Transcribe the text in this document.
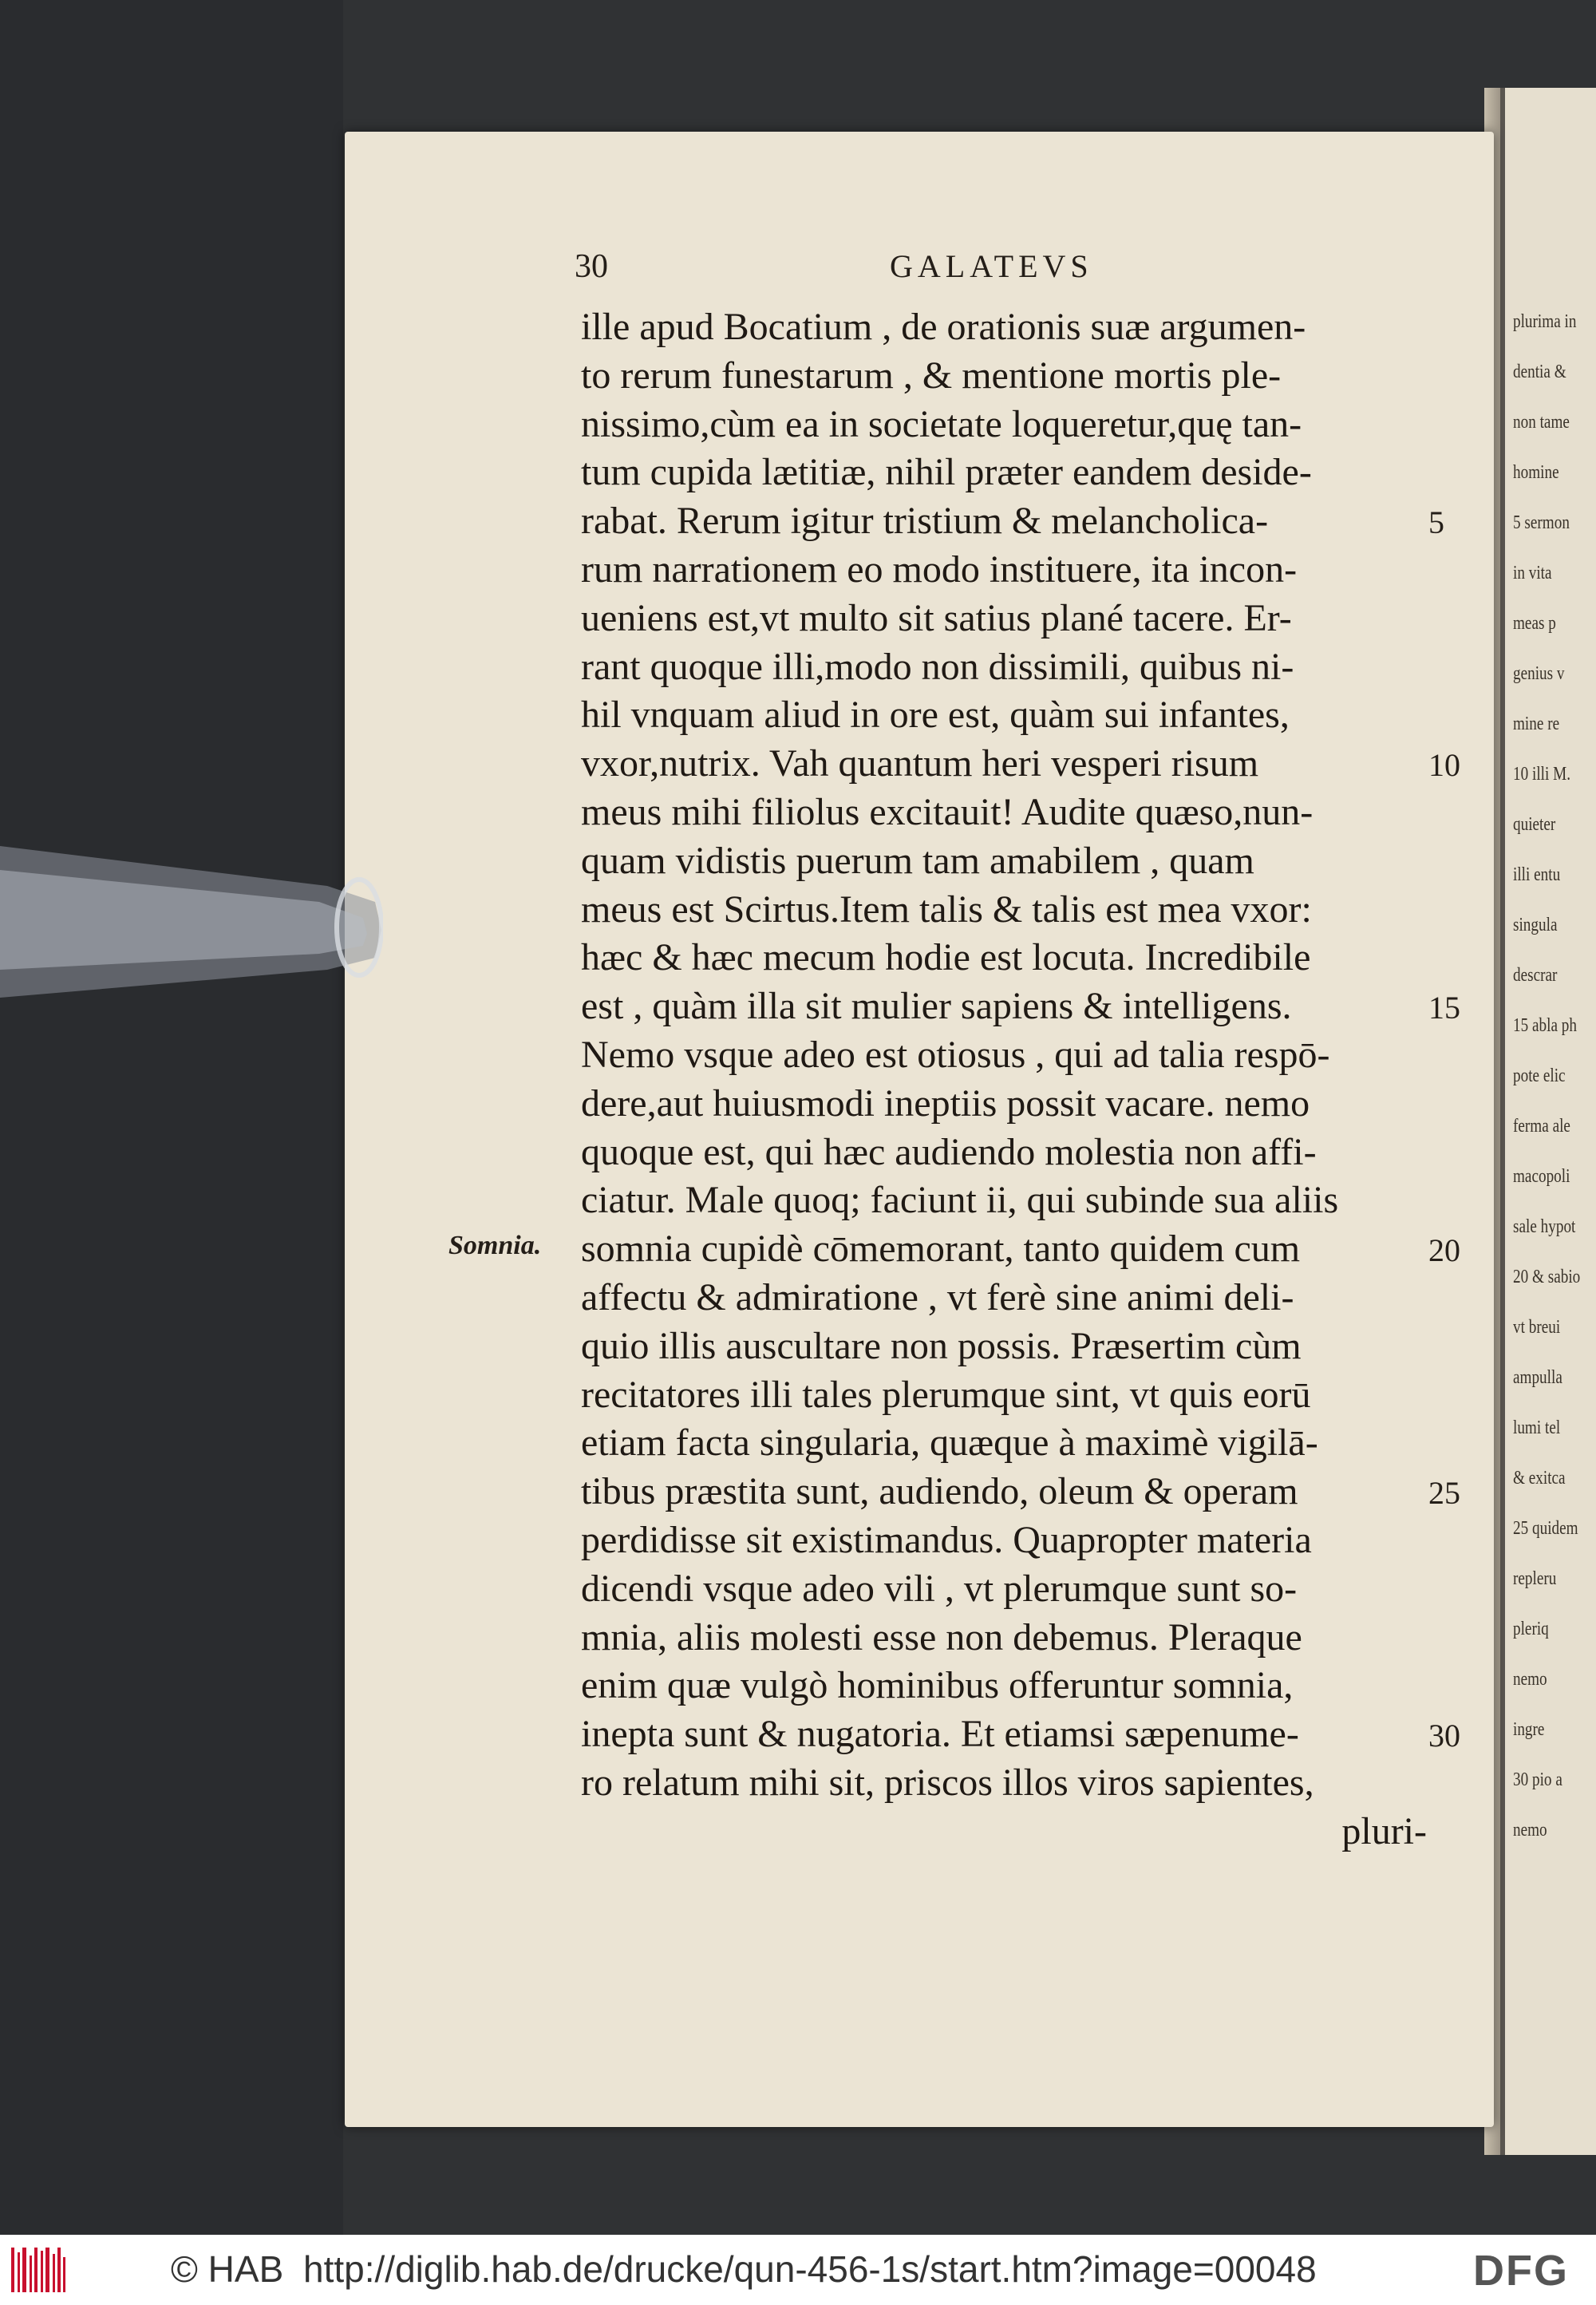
plurima in
dentia &
non tame
homine
5 sermon
in vita
meas p
genius v
mine re
10 illi M.
quieter
illi entu
singula
descrar
15 abla ph
pote elic
ferma ale
macopoli
sale hypot
20 & sabio
vt breui
ampulla
lumi tel
& exitca
25 quidem
repleru
pleriq
nemo
ingre
30 pio a
nemo
30	GALATEVS
Somnia.
ille apud Bocatium , de orationis suæ argumen-
to rerum funestarum , & mentione mortis ple-
nissimo,cùm ea in societate loqueretur,quę tan-
tum cupida lætitiæ, nihil præter eandem deside-
rabat. Rerum igitur tristium & melancholica-
rum narrationem eo modo instituere, ita incon-
ueniens est,vt multo sit satius plané tacere. Er-
rant quoque illi,modo non dissimili, quibus ni-
hil vnquam aliud in ore est, quàm sui infantes,
vxor,nutrix. Vah quantum heri vesperi risum
meus mihi filiolus excitauit! Audite quæso,nun-
quam vidistis puerum tam amabilem , quam
meus est Scirtus.Item talis & talis est mea vxor:
hæc & hæc mecum hodie est locuta. Incredibile
est , quàm illa sit mulier sapiens & intelligens.
Nemo vsque adeo est otiosus , qui ad talia respō-
dere,aut huiusmodi ineptiis possit vacare. nemo
quoque est, qui hæc audiendo molestia non affi-
ciatur. Male quoq; faciunt ii, qui subinde sua aliis
somnia cupidè cōmemorant, tanto quidem cum
affectu & admiratione , vt ferè sine animi deli-
quio illis auscultare non possis. Præsertim cùm
recitatores illi tales plerumque sint, vt quis eorū
etiam facta singularia, quæque à maximè vigilā-
tibus præstita sunt, audiendo, oleum & operam
perdidisse sit existimandus. Quapropter materia
dicendi vsque adeo vili , vt plerumque sunt so-
mnia, aliis molesti esse non debemus. Pleraque
enim quæ vulgò hominibus offeruntur somnia,
inepta sunt & nugatoria. Et etiamsi sæpenume-
ro relatum mihi sit, priscos illos viros sapientes,
pluri-
5
10
15
20
25
30
© HAB http://diglib.hab.de/drucke/qun-456-1s/start.htm?image=00048	DFG
